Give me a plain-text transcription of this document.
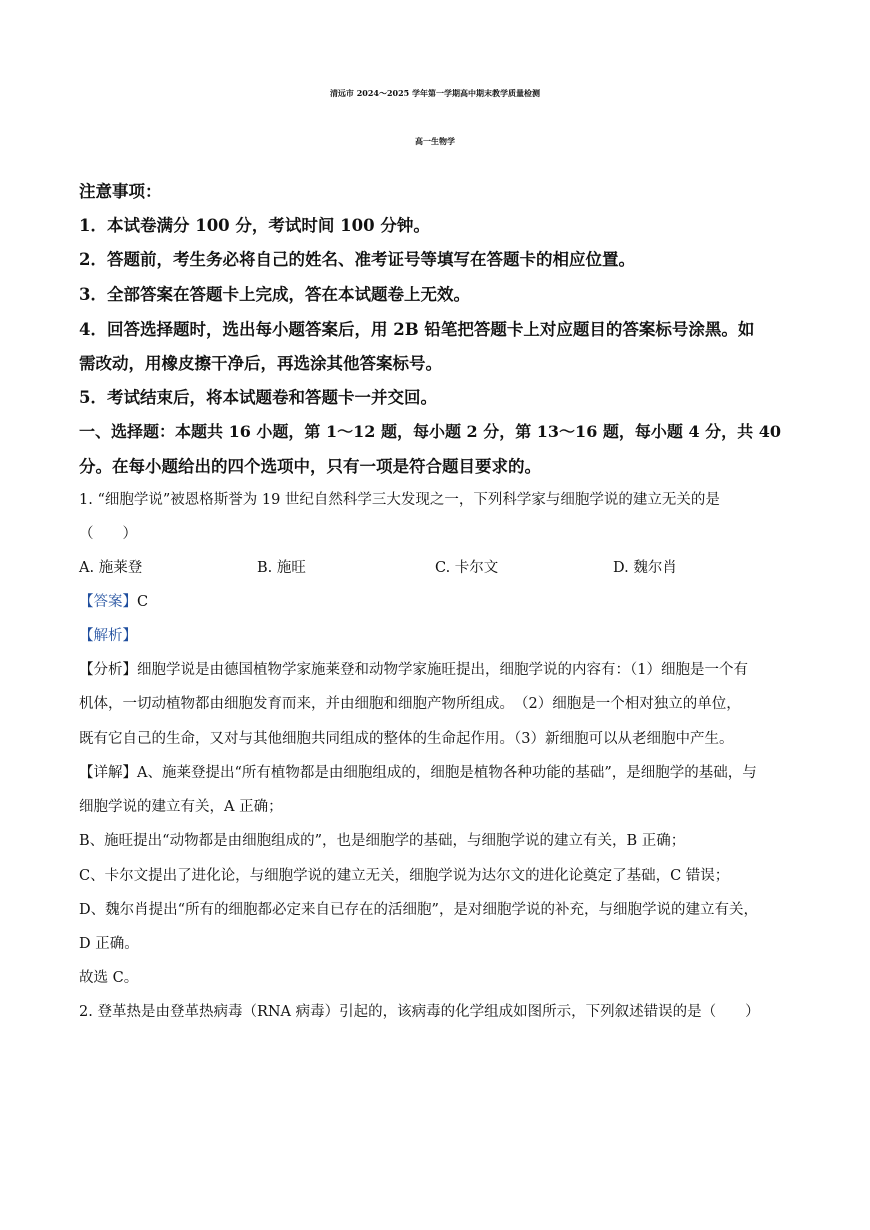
清远市 2024～2025 学年第一学期高中期末教学质量检测
高一生物学
注意事项：
1．本试卷满分 100 分，考试时间 100 分钟。
2．答题前，考生务必将自己的姓名、准考证号等填写在答题卡的相应位置。
3．全部答案在答题卡上完成，答在本试题卷上无效。
4．回答选择题时，选出每小题答案后，用 2B 铅笔把答题卡上对应题目的答案标号涂黑。如
需改动，用橡皮擦干净后，再选涂其他答案标号。
5．考试结束后，将本试题卷和答题卡一并交回。
一、选择题：本题共 16 小题，第 1～12 题，每小题 2 分，第 13～16 题，每小题 4 分，共 40
分。在每小题给出的四个选项中，只有一项是符合题目要求的。
1. “细胞学说”被恩格斯誉为 19 世纪自然科学三大发现之一，下列科学家与细胞学说的建立无关的是
（　　）
A. 施莱登	B. 施旺	C. 卡尔文	D. 魏尔肖
【答案】C
【解析】
【分析】细胞学说是由德国植物学家施莱登和动物学家施旺提出，细胞学说的内容有：（1）细胞是一个有
机体，一切动植物都由细胞发育而来，并由细胞和细胞产物所组成。　（2）细胞是一个相对独立的单位，
既有它自己的生命，又对与其他细胞共同组成的整体的生命起作用。（3）新细胞可以从老细胞中产生。
【详解】A、施莱登提出“所有植物都是由细胞组成的，细胞是植物各种功能的基础”，是细胞学的基础，与
细胞学说的建立有关，A 正确；
B、施旺提出“动物都是由细胞组成的”，也是细胞学的基础，与细胞学说的建立有关，B 正确；
C、卡尔文提出了进化论，与细胞学说的建立无关，细胞学说为达尔文的进化论奠定了基础，C 错误；
D、魏尔肖提出“所有的细胞都必定来自已存在的活细胞”，是对细胞学说的补充，与细胞学说的建立有关，
D 正确。
故选 C。
2. 登革热是由登革热病毒（RNA 病毒）引起的，该病毒的化学组成如图所示，下列叙述错误的是（　　）
